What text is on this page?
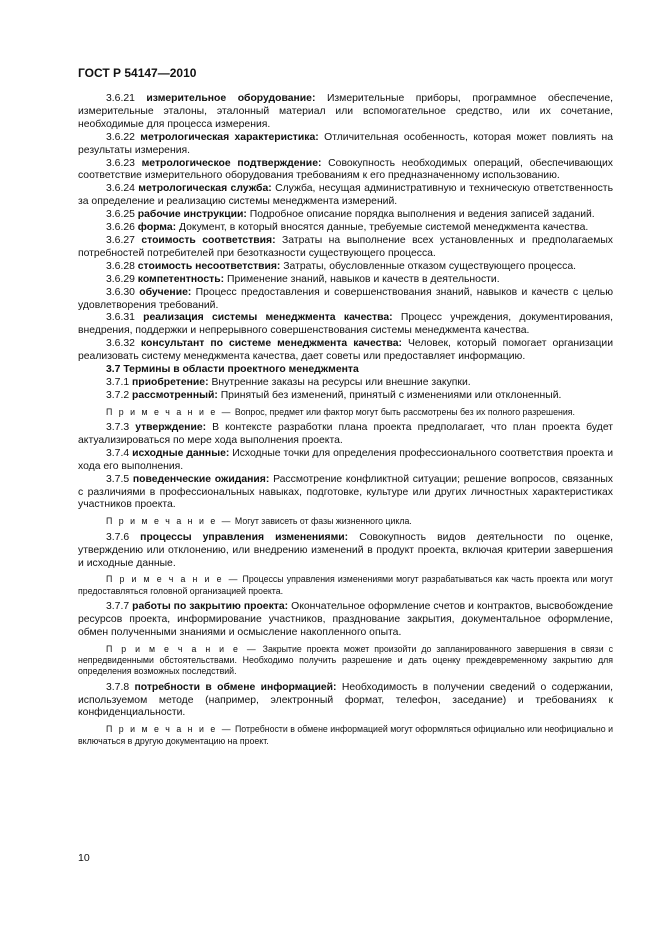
ГОСТ Р 54147—2010

3.6.21 измерительное оборудование: Измерительные приборы, программное обеспечение, измерительные эталоны, эталонный материал или вспомогательное средство, или их сочетание, необходимые для процесса измерения.

3.6.22 метрологическая характеристика: Отличительная особенность, которая может повлиять на результаты измерения.

3.6.23 метрологическое подтверждение: Совокупность необходимых операций, обеспечивающих соответствие измерительного оборудования требованиям к его предназначенному использованию.

3.6.24 метрологическая служба: Служба, несущая административную и техническую ответственность за определение и реализацию системы менеджмента измерений.

3.6.25 рабочие инструкции: Подробное описание порядка выполнения и ведения записей заданий.

3.6.26 форма: Документ, в который вносятся данные, требуемые системой менеджмента качества.

3.6.27 стоимость соответствия: Затраты на выполнение всех установленных и предполагаемых потребностей потребителей при безотказности существующего процесса.

3.6.28 стоимость несоответствия: Затраты, обусловленные отказом существующего процесса.

3.6.29 компетентность: Применение знаний, навыков и качеств в деятельности.

3.6.30 обучение: Процесс предоставления и совершенствования знаний, навыков и качеств с целью удовлетворения требований.

3.6.31 реализация системы менеджмента качества: Процесс учреждения, документирования, внедрения, поддержки и непрерывного совершенствования системы менеджмента качества.

3.6.32 консультант по системе менеджмента качества: Человек, который помогает организации реализовать систему менеджмента качества, дает советы или предоставляет информацию.

3.7 Термины в области проектного менеджмента

3.7.1 приобретение: Внутренние заказы на ресурсы или внешние закупки.

3.7.2 рассмотренный: Принятый без изменений, принятый с изменениями или отклоненный.

П р и м е ч а н и е — Вопрос, предмет или фактор могут быть рассмотрены без их полного разрешения.

3.7.3 утверждение: В контексте разработки плана проекта предполагает, что план проекта будет актуализироваться по мере хода выполнения проекта.

3.7.4 исходные данные: Исходные точки для определения профессионального соответствия проекта и хода его выполнения.

3.7.5 поведенческие ожидания: Рассмотрение конфликтной ситуации; решение вопросов, связанных с различиями в профессиональных навыках, подготовке, культуре или других личностных характеристиках участников проекта.

П р и м е ч а н и е — Могут зависеть от фазы жизненного цикла.

3.7.6 процессы управления изменениями: Совокупность видов деятельности по оценке, утверждению или отклонению, или внедрению изменений в продукт проекта, включая критерии завершения и исходные данные.

П р и м е ч а н и е — Процессы управления изменениями могут разрабатываться как часть проекта или могут предоставляться головной организацией проекта.

3.7.7 работы по закрытию проекта: Окончательное оформление счетов и контрактов, высвобождение ресурсов проекта, информирование участников, празднование закрытия, документальное оформление, обмен полученными знаниями и осмысление накопленного опыта.

П р и м е ч а н и е — Закрытие проекта может произойти до запланированного завершения в связи с непредвиденными обстоятельствами. Необходимо получить разрешение и дать оценку преждевременному закрытию для определения возможных последствий.

3.7.8 потребности в обмене информацией: Необходимость в получении сведений о содержании, используемом методе (например, электронный формат, телефон, заседание) и требованиях к конфиденциальности.

П р и м е ч а н и е — Потребности в обмене информацией могут оформляться официально или неофициально и включаться в другую документацию на проект.

10
